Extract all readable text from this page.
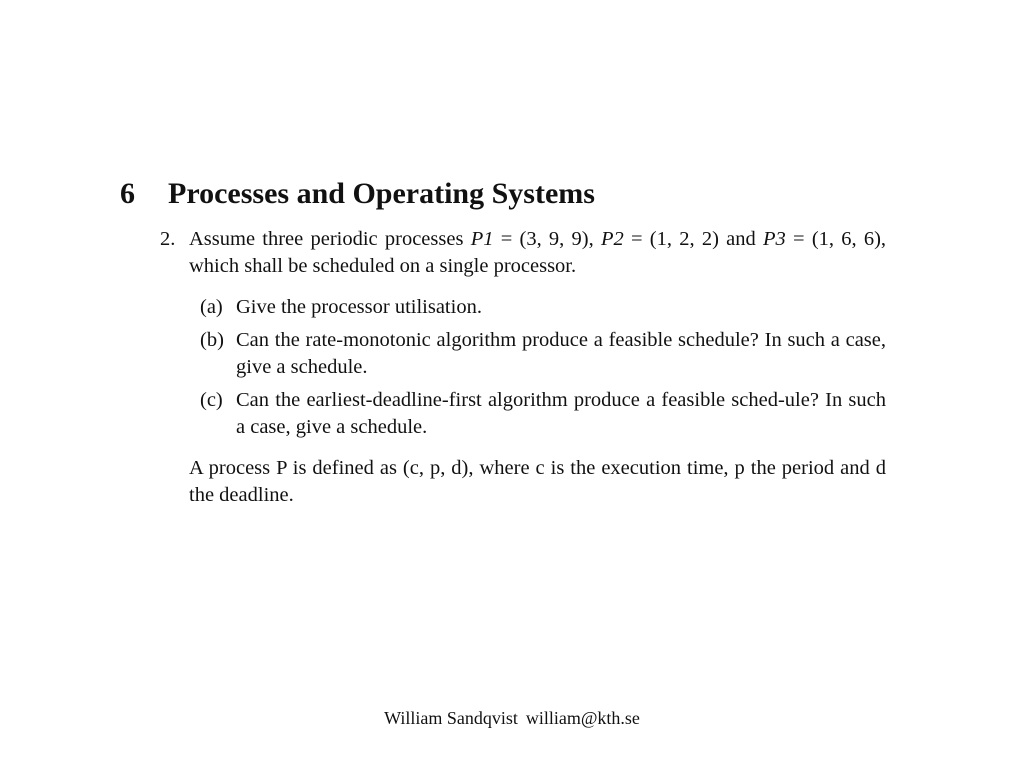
6 Processes and Operating Systems
2. Assume three periodic processes P1 = (3, 9, 9), P2 = (1, 2, 2) and P3 = (1, 6, 6), which shall be scheduled on a single processor.
(a) Give the processor utilisation.
(b) Can the rate-monotonic algorithm produce a feasible schedule? In such a case, give a schedule.
(c) Can the earliest-deadline-first algorithm produce a feasible sched-ule? In such a case, give a schedule.
A process P is defined as (c, p, d), where c is the execution time, p the period and d the deadline.
William Sandqvist william@kth.se
